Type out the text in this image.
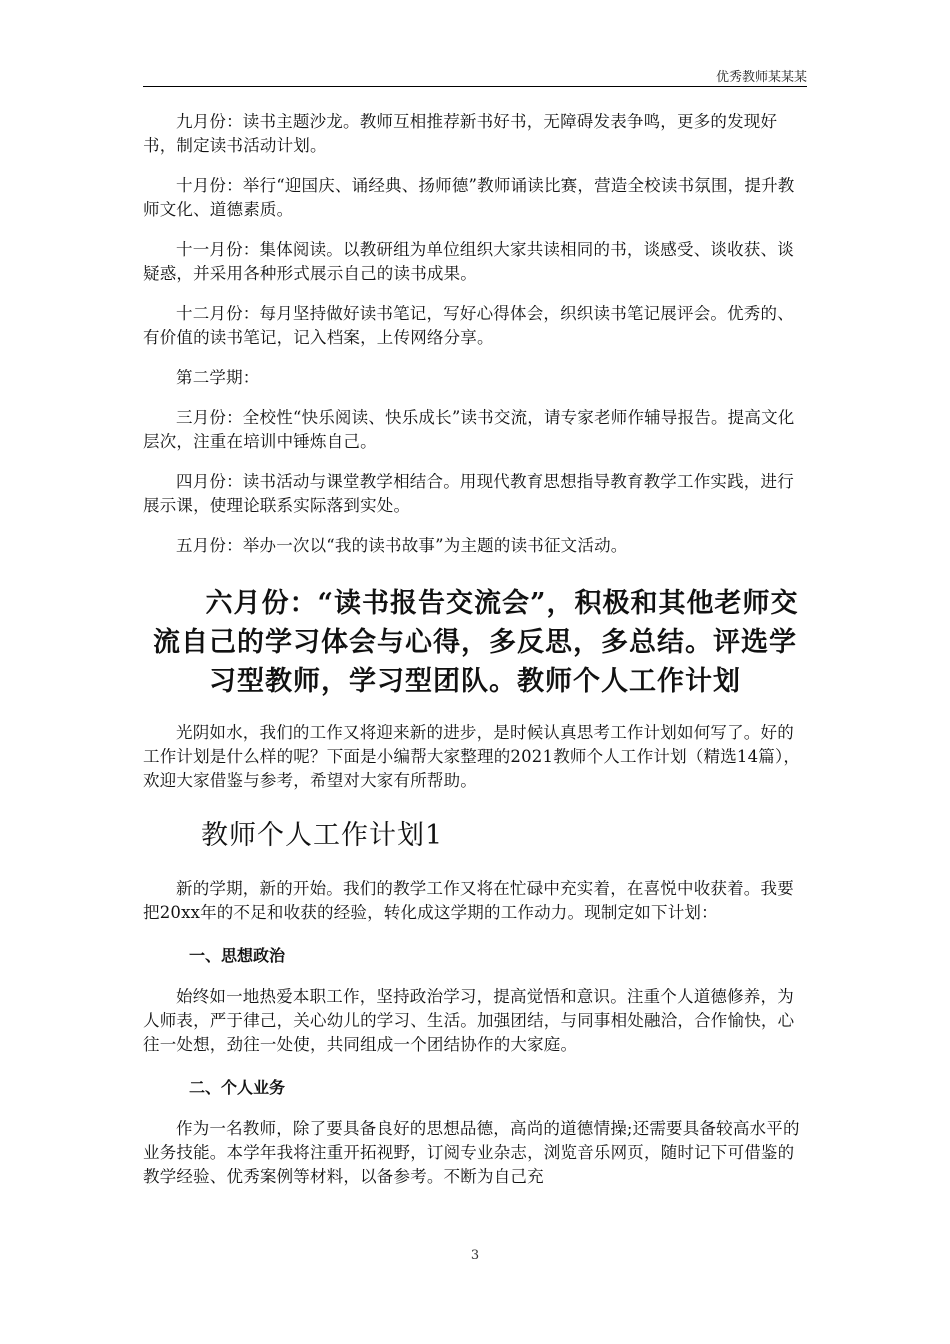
优秀教师某某某

九月份：读书主题沙龙。教师互相推荐新书好书，无障碍发表争鸣，更多的发现好书，制定读书活动计划。

十月份：举行“迎国庆、诵经典、扬师德”教师诵读比赛，营造全校读书氛围，提升教师文化、道德素质。

十一月份：集体阅读。以教研组为单位组织大家共读相同的书，谈感受、谈收获、谈疑惑，并采用各种形式展示自己的读书成果。

十二月份：每月坚持做好读书笔记，写好心得体会，织织读书笔记展评会。优秀的、有价值的读书笔记，记入档案，上传网络分享。

第二学期：

三月份：全校性“快乐阅读、快乐成长”读书交流，请专家老师作辅导报告。提高文化层次，注重在培训中锤炼自己。

四月份：读书活动与课堂教学相结合。用现代教育思想指导教育教学工作实践，进行展示课，使理论联系实际落到实处。

五月份：举办一次以“我的读书故事”为主题的读书征文活动。

六月份：“读书报告交流会”，积极和其他老师交流自己的学习体会与心得，多反思，多总结。评选学习型教师，学习型团队。教师个人工作计划

光阴如水，我们的工作又将迎来新的进步，是时候认真思考工作计划如何写了。好的工作计划是什么样的呢？下面是小编帮大家整理的2021教师个人工作计划（精选14篇），欢迎大家借鉴与参考，希望对大家有所帮助。

教师个人工作计划1

新的学期，新的开始。我们的教学工作又将在忙碌中充实着，在喜悦中收获着。我要把20xx年的不足和收获的经验，转化成这学期的工作动力。现制定如下计划：

一、思想政治

始终如一地热爱本职工作，坚持政治学习，提高觉悟和意识。注重个人道德修养，为人师表，严于律己，关心幼儿的学习、生活。加强团结，与同事相处融洽，合作愉快，心往一处想，劲往一处使，共同组成一个团结协作的大家庭。

二、个人业务

作为一名教师，除了要具备良好的思想品德，高尚的道德情操;还需要具备较高水平的业务技能。本学年我将注重开拓视野，订阅专业杂志，浏览音乐网页，随时记下可借鉴的教学经验、优秀案例等材料，以备参考。不断为自己充

3
